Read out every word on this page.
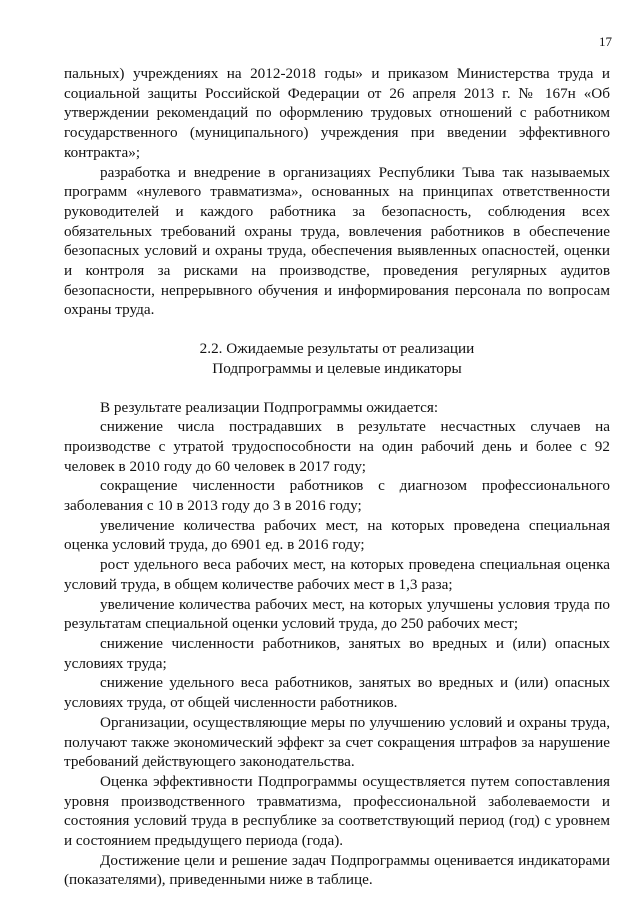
17

пальных) учреждениях на 2012-2018 годы» и приказом Министерства труда и социальной защиты Российской Федерации от 26 апреля 2013 г. № 167н «Об утверждении рекомендаций по оформлению трудовых отношений с работником государственного (муниципального) учреждения при введении эффективного контракта»;

разработка и внедрение в организациях Республики Тыва так называемых программ «нулевого травматизма», основанных на принципах ответственности руководителей и каждого работника за безопасность, соблюдения всех обязательных требований охраны труда, вовлечения работников в обеспечение безопасных условий и охраны труда, обеспечения выявленных опасностей, оценки и контроля за рисками на производстве, проведения регулярных аудитов безопасности, непрерывного обучения и информирования персонала по вопросам охраны труда.

2.2. Ожидаемые результаты от реализации
Подпрограммы и целевые индикаторы

В результате реализации Подпрограммы ожидается:

снижение числа пострадавших в результате несчастных случаев на производстве с утратой трудоспособности на один рабочий день и более с 92 человек в 2010 году до 60 человек в 2017 году;

сокращение численности работников с диагнозом профессионального заболевания с 10 в 2013 году до 3 в 2016 году;

увеличение количества рабочих мест, на которых проведена специальная оценка условий труда, до 6901 ед. в 2016 году;

рост удельного веса рабочих мест, на которых проведена специальная оценка условий труда, в общем количестве рабочих мест в 1,3 раза;

увеличение количества рабочих мест, на которых улучшены условия труда по результатам специальной оценки условий труда, до 250 рабочих мест;

снижение численности работников, занятых во вредных и (или) опасных условиях труда;

снижение удельного веса работников, занятых во вредных и (или) опасных условиях труда, от общей численности работников.

Организации, осуществляющие меры по улучшению условий и охраны труда, получают также экономический эффект за счет сокращения штрафов за нарушение требований действующего законодательства.

Оценка эффективности Подпрограммы осуществляется путем сопоставления уровня производственного травматизма, профессиональной заболеваемости и состояния условий труда в республике за соответствующий период (год) с уровнем и состоянием предыдущего периода (года).

Достижение цели и решение задач Подпрограммы оценивается индикаторами (показателями), приведенными ниже в таблице.
